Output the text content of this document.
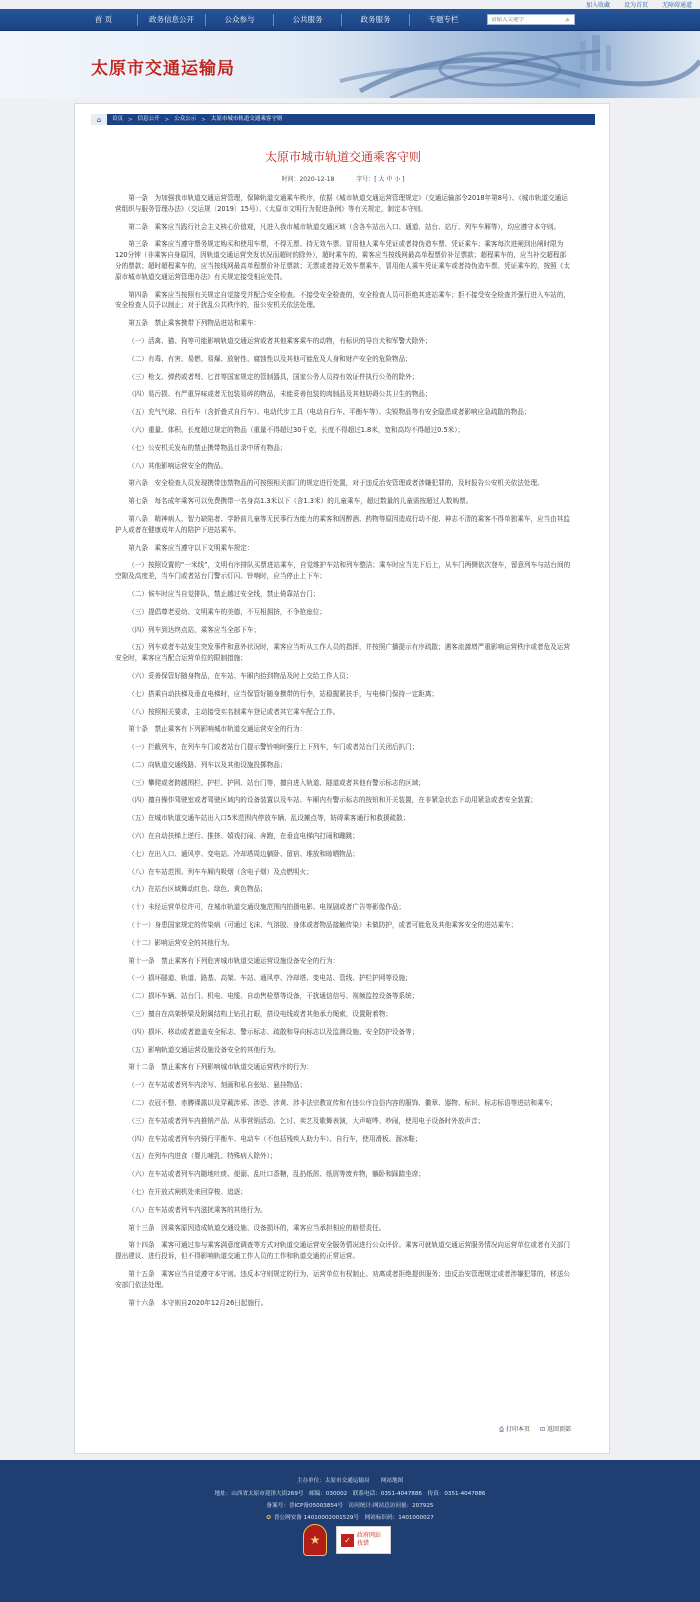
加入收藏 设为首页 无障碍通道
首 页	政务信息公开	公众参与	公共服务	政务服务	专题专栏
请输入关键字	⌕
太原市交通运输局
⌂	首页 > 信息公开 > 公众公示 > 太原市城市轨道交通乘客守则
太原市城市轨道交通乘客守则
时间：2020-12-18	字号：[ 大 中 小 ]

第一条　为加强我市轨道交通运营管理，保障轨道交通乘车秩序，依据《城市轨道交通运营管理规定》（交通运输部令2018年第8号）、《城市轨道交通运营组织与服务管理办法》（交运规〔2019〕15号）、《太原市文明行为促进条例》等有关规定，制定本守则。

第二条　乘客应当践行社会主义核心价值观，凡进入我市城市轨道交通区域（含各车站出入口、通道、站台、站厅、列车车厢等），均应遵守本守则。

第三条　乘客应当遵守票务规定购买和使用车票，不得无票、持无效车票、冒用他人乘车凭证或者持伪造车票、凭证乘车；乘客每次进闸到出闸时限为120分钟（非乘客自身原因，因轨道交通运营突发状况而超时的除外），超时乘车的，乘客应当按线网最高单程票价补足票款；超程乘车的，应当补交超程部分的票款；超时超程乘车的，应当按线网最高单程票价补足票款；无票或者持无效车票乘车，冒用他人乘车凭证乘车或者持伪造车票、凭证乘车的，按照《太原市城市轨道交通运营管理办法》有关规定接受相应处罚。

第四条　乘客应当按照有关规定自觉接受并配合安全检查。不接受安全检查的，安全检查人员可拒绝其进站乘车；拒不接受安全检查并强行进入车站的，安全检查人员予以制止；对于扰乱公共秩序的，报公安机关依法处理。

第五条　禁止乘客携带下列物品进站和乘车：

（一）活禽、猫、狗等可能影响轨道交通运营或者其他乘客乘车的动物，有标识的导盲犬和军警犬除外；

（二）有毒、有害、易燃、易爆、放射性、腐蚀性以及其他可能危及人身和财产安全的危险物品；

（三）枪支、弹药或者弩、匕首等国家规定的管制器具，国家公务人员持有效证件执行公务的除外；

（四）易污损、有严重异味或者无包装易碎的物品，未能妥善包装的肉制品及其他妨碍公共卫生的物品；

（五）充气气球、自行车（含折叠式自行车）、电动代步工具（电动自行车、平衡车等）、尖锐物品等有安全隐患或者影响应急疏散的物品；

（六）重量、体积、长度超过规定的物品（重量不得超过30千克，长度不得超过1.8米，宽和高均不得超过0.5米）；

（七）公安机关发布的禁止携带物品目录中所有物品；

（八）其他影响运营安全的物品。

第六条　安全检查人员发现携带违禁物品的可按照相关部门的规定进行处置，对于违反治安管理或者涉嫌犯罪的，及时报告公安机关依法处理。

第七条　每名成年乘客可以免费携带一名身高1.3米以下（含1.3米）的儿童乘车，超过数量的儿童需按超过人数购票。

第八条　精神病人、智力缺陷者、学龄前儿童等无民事行为能力的乘客和因醉酒、药物等原因造成行动不便、神志不清的乘客不得单独乘车，应当由其监护人或者在健康成年人的陪护下进站乘车。

第九条　乘客应当遵守以下文明乘车规定：

（一）按照设置的“一米线”，文明有序排队买票进站乘车，自觉维护车站和列车整洁；乘车时应当先下后上，从车门两侧依次登车，留意列车与站台间的空隙及高度差，当车门或者站台门警示灯闪、铃响时，应当停止上下车；

（二）候车时应当自觉排队，禁止越过安全线，禁止倚靠站台门；

（三）提倡尊老爱幼、文明乘车的美德，不互相拥挤，不争抢座位；

（四）列车到达终点站，乘客应当全部下车；

（五）列车或者车站发生突发事件和意外状况时，乘客应当听从工作人员的指挥，并按照广播提示有序疏散；遇客流激增严重影响运营秩序或者危及运营安全时，乘客应当配合运营单位的限制措施；

（六）妥善保管好随身物品，在车站、车厢内拾到物品及时上交给工作人员；

（七）搭乘自动扶梯及垂直电梯时，应当保管好随身携带的行李，站稳握紧扶手，与电梯门保持一定距离；

（八）按照相关要求，主动接受实名制乘车登记或者其它乘车配合工作。

第十条　禁止乘客有下列影响城市轨道交通运营安全的行为：

（一）拦截列车，在列车车门或者站台门提示警铃响时强行上下列车，车门或者站台门关闭后扒门；

（二）向轨道交通线路、列车以及其他设施投掷物品；

（三）攀爬或者跨越围栏、护栏、护网、站台门等，擅自进入轨道、隧道或者其他有警示标志的区域；

（四）擅自操作驾驶室或者驾驶区域内的设备装置以及车站、车厢内有警示标志的按钮和开关装置，在非紧急状态下动用紧急或者安全装置；

（五）在城市轨道交通车站出入口5米范围内停放车辆、乱设摊点等，妨碍乘客通行和救援疏散；

（六）在自动扶梯上逆行、推挤、嬉戏打闹、奔跑，在垂直电梯内打闹和蹦跳；

（七）在出入口、通风亭、变电站、冷却塔周边躺卧、留宿、堆放和晾晒物品；

（八）在车站范围、列车车厢内吸烟（含电子烟）及点燃明火；

（九）在站台区域舞动红色、绿色、黄色物品；

（十）未经运营单位许可，在城市轨道交通设施范围内拍摄电影、电视剧或者广告等影像作品；

（十一）身患国家规定的传染病（可通过飞沫、气溶胶、身体或者物品接触传染）未做防护，或者可能危及其他乘客安全的进站乘车；

（十二）影响运营安全的其他行为。

第十一条　禁止乘客有下列危害城市轨道交通运营设施设备安全的行为：

（一）损坏隧道、轨道、路基、高架、车站、通风亭、冷却塔、变电站、管线、护栏护网等设施；

（二）损坏车辆、站台门、机电、电缆、自动售检票等设备，干扰通信信号、视频监控设备等系统；

（三）擅自在高架桥梁及附属结构上钻孔打眼，搭设电线或者其他承力绳索，设置附着物；

（四）损坏、移动或者遮盖安全标志、警示标志、疏散和导向标志以及监测设施、安全防护设备等；

（五）影响轨道交通运营设施设备安全的其他行为。

第十二条　禁止乘客有下列影响城市轨道交通运营秩序的行为：

（一）在车站或者列车内涂写、刻画和私自张贴、悬挂物品；

（二）衣冠不整、赤膊裸露以及穿戴涉邪、涉恐、涉黄、涉非法宗教宣传和有违公序良俗内容的服饰、徽章、器物、标识、标志标语等进站和乘车；

（三）在车站或者列车内推销产品、从事营销活动、乞讨、卖艺及歌舞表演，大声喧哗、吵闹，使用电子设备时外放声音；

（四）在车站或者列车内骑行平衡车、电动车（不包括残疾人助力车）、自行车，使用滑板、溜冰鞋；

（五）在列车内进食（婴儿哺乳、特殊病人除外）；

（六）在车站或者列车内随地吐痰、便溺、乱吐口香糖，乱扔纸屑、纸屑等废弃物，躺卧和踩踏坐席；

（七）在开放式闸机处来回穿梭、追逐；

（八）在车站或者列车内滋扰乘客的其他行为。

第十三条　因乘客原因造成轨道交通设施、设备损坏的，乘客应当承担相应的赔偿责任。

第十四条　乘客可通过参与乘客满意度调查等方式对轨道交通运营安全服务情况进行公众评价。乘客可就轨道交通运营服务情况向运营单位或者有关部门提出建议、进行投诉，但不得影响轨道交通工作人员的工作和轨道交通的正常运营。

第十五条　乘客应当自觉遵守本守则。违反本守则规定的行为，运营单位有权制止、劝离或者拒绝提供服务；违反治安管理规定或者涉嫌犯罪的，移送公安部门依法处理。

第十六条　本守则自2020年12月26日起施行。

⎙ 打印本页 ⊡ 返回顶部
主办单位：太原市交通运输局　　网站地图
地址：山西省太原市迎泽大街269号　邮编：030002　联系电话：0351-4047886　传真：0351-4047886
备案号：晋ICP备05003854号　访问统计:网站总访问量：207925
✪ 晋公网安备 14010002001529号　网站标识码：1401000027
★	✓	政府网站
找错
